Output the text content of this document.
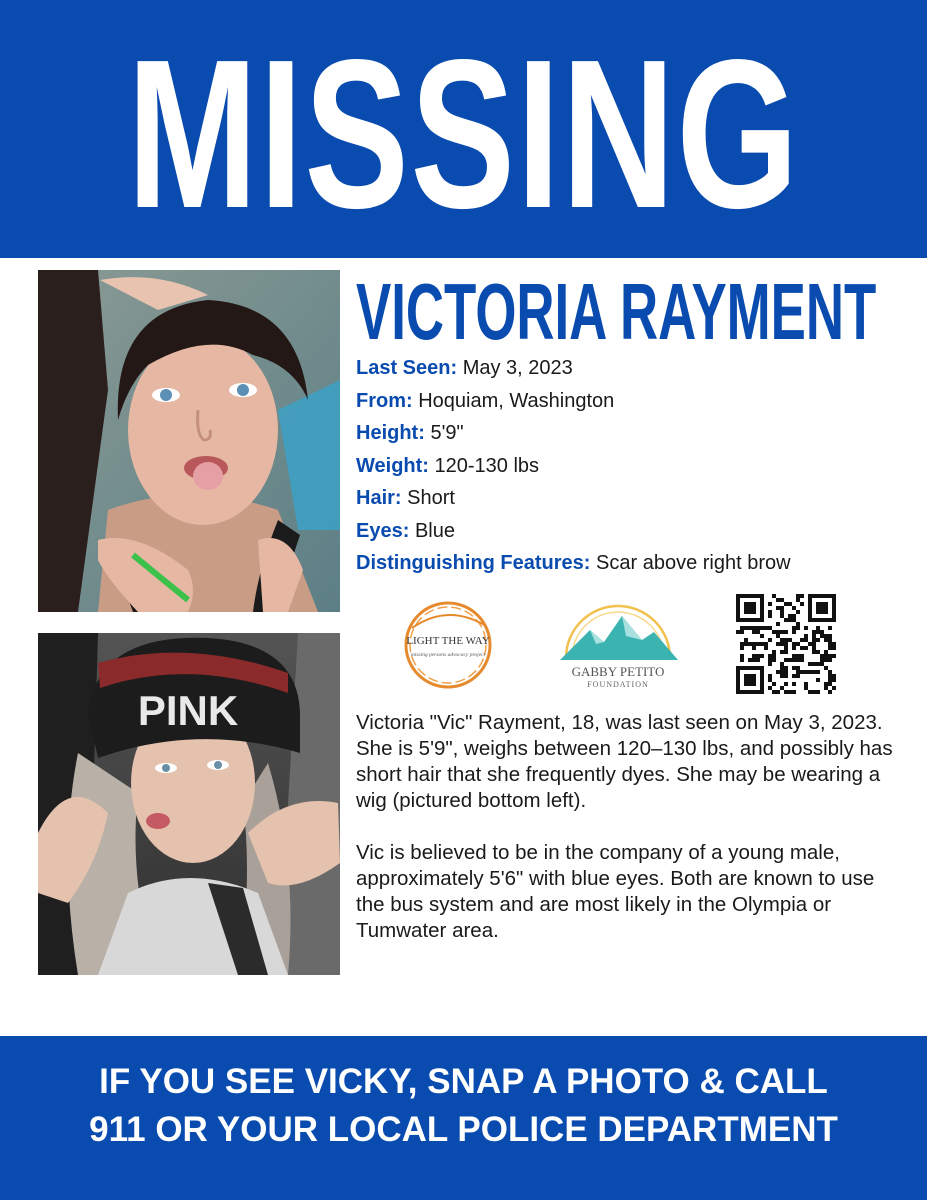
MISSING
PINK
VICTORIA RAYMENT
Last Seen: May 3, 2023
From: Hoquiam, Washington
Height: 5'9"
Weight: 120-130 lbs
Hair: Short
Eyes: Blue
Distinguishing Features: Scar above right brow
LIGHT THE WAY
missing persons advocacy project
GABBY PETITO
FOUNDATION

Victoria "Vic" Rayment, 18, was last seen on May 3, 2023. She is 5'9", weighs between 120–130 lbs, and possibly has short hair that she frequently dyes. She may be wearing a wig (pictured bottom left).

Vic is believed to be in the company of a young male, approximately 5'6" with blue eyes. Both are known to use the bus system and are most likely in the Olympia or Tumwater area.

IF YOU SEE VICKY, SNAP A PHOTO & CALL
911 OR YOUR LOCAL POLICE DEPARTMENT
